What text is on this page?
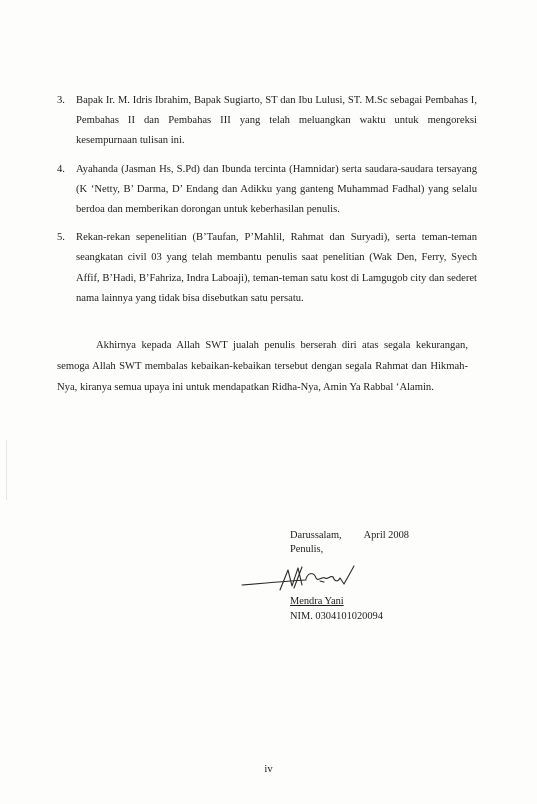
3. Bapak Ir. M. Idris Ibrahim, Bapak Sugiarto, ST dan Ibu Lulusi, ST. M.Sc sebagai Pembahas I, Pembahas II dan Pembahas III yang telah meluangkan waktu untuk mengoreksi kesempurnaan tulisan ini.
4. Ayahanda (Jasman Hs, S.Pd) dan Ibunda tercinta (Hamnidar) serta saudara-saudara tersayang (K ‘Netty, B’ Darma, D’ Endang dan Adikku yang ganteng Muhammad Fadhal) yang selalu berdoa dan memberikan dorongan untuk keberhasilan penulis.
5. Rekan-rekan sepenelitian (B’Taufan, P’Mahlil, Rahmat dan Suryadi), serta teman-teman seangkatan civil 03 yang telah membantu penulis saat penelitian (Wak Den, Ferry, Syech Affif, B’Hadi, B’Fahriza, Indra Laboaji), teman-teman satu kost di Lamgugob city dan sederet nama lainnya yang tidak bisa disebutkan satu persatu.

Akhirnya kepada Allah SWT jualah penulis berserah diri atas segala kekurangan, semoga Allah SWT membalas kebaikan-kebaikan tersebut dengan segala Rahmat dan Hikmah-Nya, kiranya semua upaya ini untuk mendapatkan Ridha-Nya, Amin Ya Rabbal ‘Alamin.

Darussalam, April 2008
Penulis,
Mendra Yani
NIM. 0304101020094
iv
